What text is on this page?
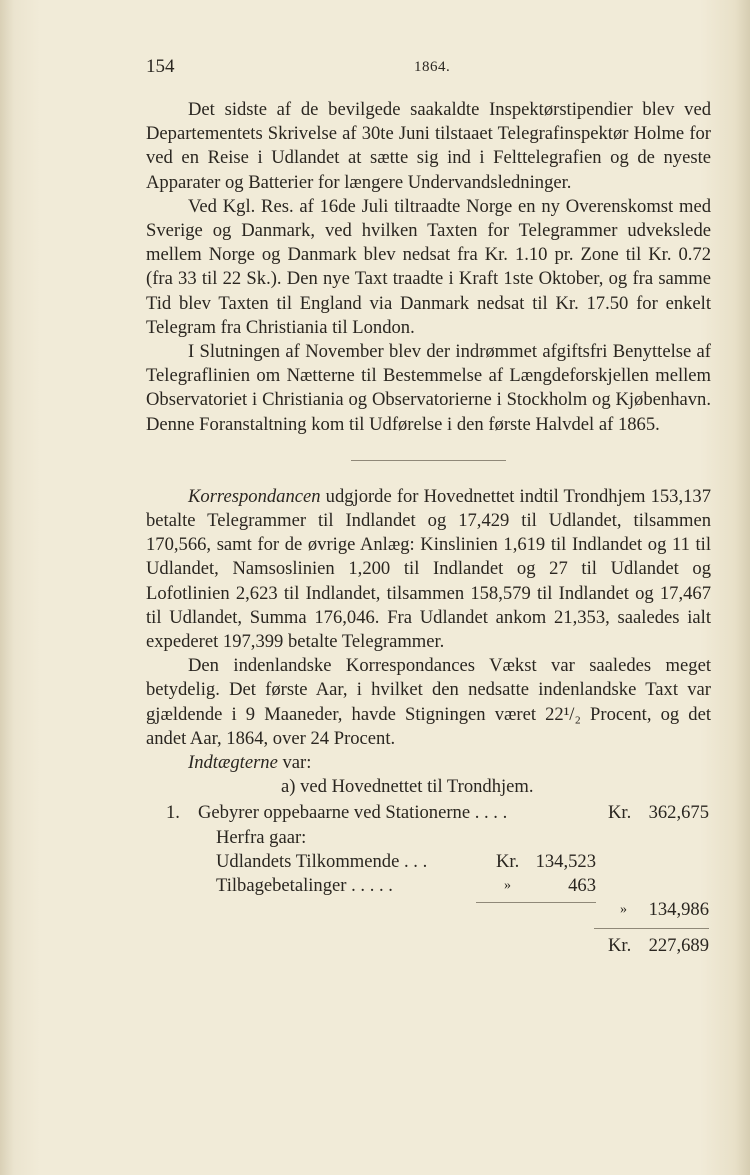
154	1864.

Det sidste af de bevilgede saakaldte Inspektørstipendier blev ved Departementets Skrivelse af 30te Juni tilstaaet Telegrafinspektør Holme for ved en Reise i Udlandet at sætte sig ind i Felttelegrafien og de nyeste Apparater og Batterier for længere Undervandsledninger.

Ved Kgl. Res. af 16de Juli tiltraadte Norge en ny Overenskomst med Sverige og Danmark, ved hvilken Taxten for Telegrammer udvekslede mellem Norge og Danmark blev nedsat fra Kr. 1.10 pr. Zone til Kr. 0.72 (fra 33 til 22 Sk.). Den nye Taxt traadte i Kraft 1ste Oktober, og fra samme Tid blev Taxten til England via Danmark nedsat til Kr. 17.50 for enkelt Telegram fra Christiania til London.

I Slutningen af November blev der indrømmet afgiftsfri Benyttelse af Telegraflinien om Nætterne til Bestemmelse af Længdeforskjellen mellem Observatoriet i Christiania og Observatorierne i Stockholm og Kjøbenhavn. Denne Foranstaltning kom til Udførelse i den første Halvdel af 1865.

Korrespondancen udgjorde for Hovednettet indtil Trondhjem 153,137 betalte Telegrammer til Indlandet og 17,429 til Udlandet, tilsammen 170,566, samt for de øvrige Anlæg: Kinslinien 1,619 til Indlandet og 11 til Udlandet, Namsoslinien 1,200 til Indlandet og 27 til Udlandet og Lofotlinien 2,623 til Indlandet, tilsammen 158,579 til Indlandet og 17,467 til Udlandet, Summa 176,046. Fra Udlandet ankom 21,353, saaledes ialt expederet 197,399 betalte Telegrammer.

Den indenlandske Korrespondances Vækst var saaledes meget betydelig. Det første Aar, i hvilket den nedsatte indenlandske Taxt var gjældende i 9 Maaneder, havde Stigningen været 22¹/₂ Procent, og det andet Aar, 1864, over 24 Procent.

Indtægterne var:

a) ved Hovednettet til Trondhjem.

1. Gebyrer oppebaarne ved Stationerne . . . .	Kr. 362,675
Herfra gaar:
Udlandets Tilkommende . . .	Kr. 134,523
Tilbagebetalinger . . . . .	»	463
»	134,986
Kr. 227,689
